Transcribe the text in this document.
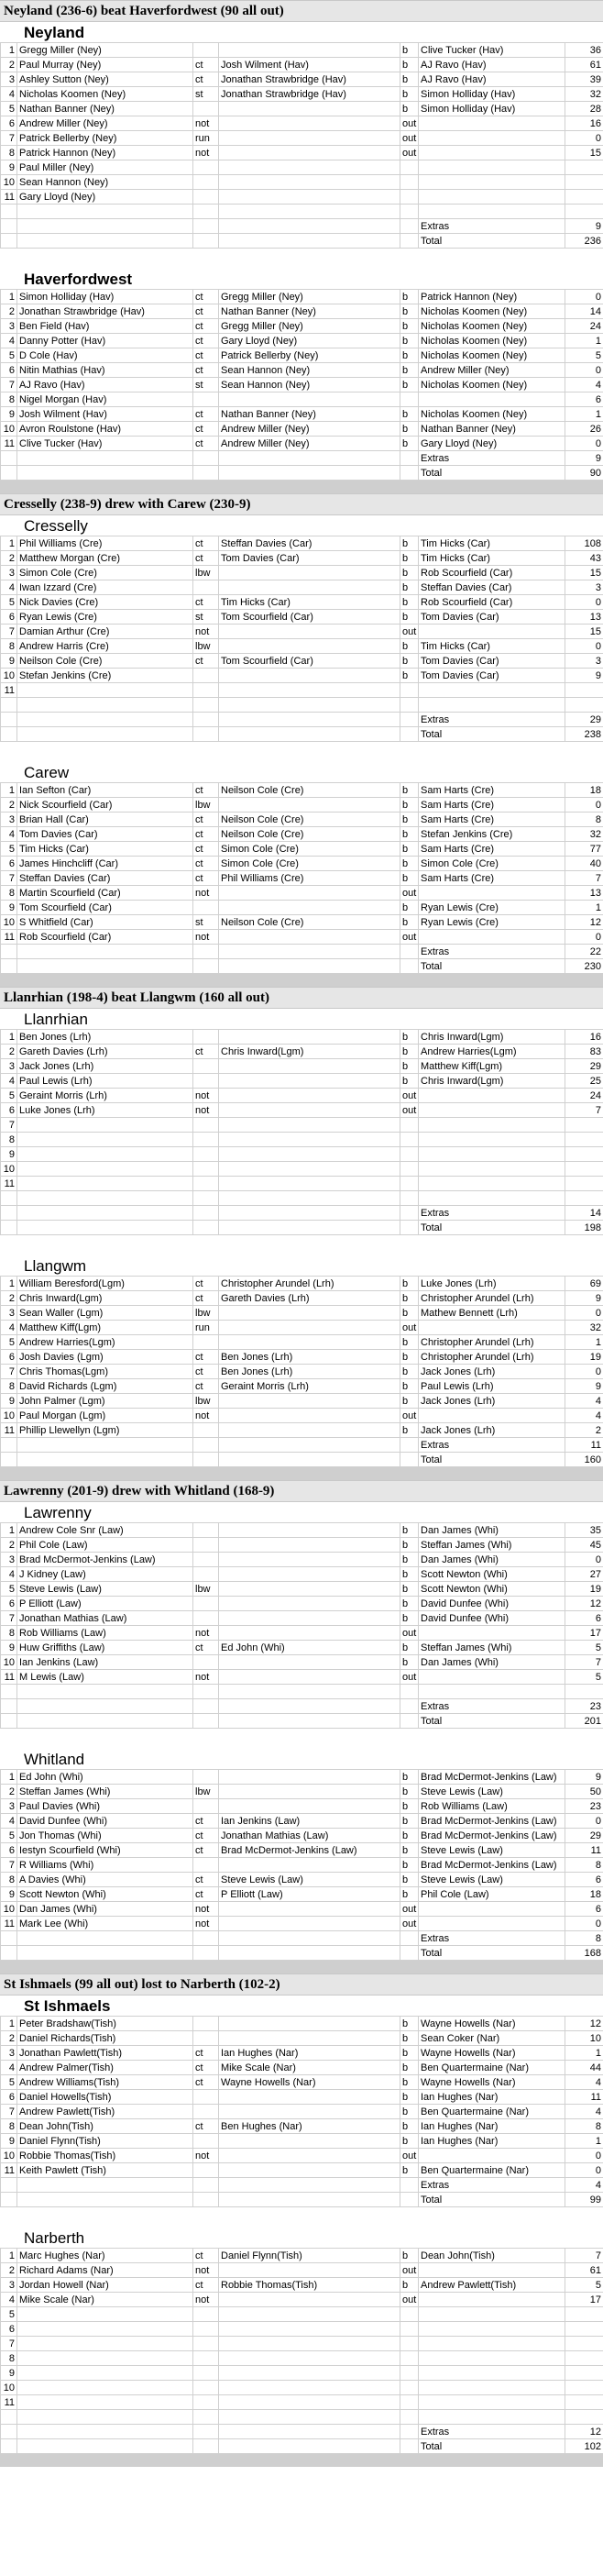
Neyland (236-6) beat Haverfordwest (90 all out)
Neyland
1	Gregg Miller (Ney)			b	Clive Tucker (Hav)	36
2	Paul Murray (Ney)	ct	Josh Wilment (Hav)	b	AJ Ravo (Hav)	61
3	Ashley Sutton (Ney)	ct	Jonathan Strawbridge (Hav)	b	AJ Ravo (Hav)	39
4	Nicholas Koomen (Ney)	st	Jonathan Strawbridge (Hav)	b	Simon Holliday (Hav)	32
5	Nathan Banner (Ney)			b	Simon Holliday (Hav)	28
6	Andrew Miller (Ney)	not		out		16
7	Patrick Bellerby (Ney)	run		out		0
8	Patrick Hannon (Ney)	not		out		15
9	Paul Miller (Ney)					
10	Sean Hannon (Ney)					
11	Gary Lloyd (Ney)					

					Extras	9
					Total	236
Haverfordwest
1	Simon Holliday (Hav)	ct	Gregg Miller (Ney)	b	Patrick Hannon (Ney)	0
2	Jonathan Strawbridge (Hav)	ct	Nathan Banner (Ney)	b	Nicholas Koomen (Ney)	14
3	Ben Field (Hav)	ct	Gregg Miller (Ney)	b	Nicholas Koomen (Ney)	24
4	Danny Potter (Hav)	ct	Gary Lloyd (Ney)	b	Nicholas Koomen (Ney)	1
5	D Cole (Hav)	ct	Patrick Bellerby (Ney)	b	Nicholas Koomen (Ney)	5
6	Nitin Mathias (Hav)	ct	Sean Hannon (Ney)	b	Andrew Miller (Ney)	0
7	AJ Ravo (Hav)	st	Sean Hannon (Ney)	b	Nicholas Koomen (Ney)	4
8	Nigel Morgan (Hav)					6
9	Josh Wilment (Hav)	ct	Nathan Banner (Ney)	b	Nicholas Koomen (Ney)	1
10	Avron Roulstone (Hav)	ct	Andrew Miller (Ney)	b	Nathan Banner (Ney)	26
11	Clive Tucker (Hav)	ct	Andrew Miller (Ney)	b	Gary Lloyd (Ney)	0
					Extras	9
					Total	90
Cresselly (238-9) drew with Carew (230-9)
Cresselly
1	Phil Williams (Cre)	ct	Steffan Davies (Car)	b	Tim Hicks (Car)	108
2	Matthew Morgan (Cre)	ct	Tom Davies (Car)	b	Tim Hicks (Car)	43
3	Simon Cole (Cre)	lbw		b	Rob Scourfield (Car)	15
4	Iwan Izzard (Cre)			b	Steffan Davies (Car)	3
5	Nick Davies (Cre)	ct	Tim Hicks (Car)	b	Rob Scourfield (Car)	0
6	Ryan Lewis (Cre)	st	Tom Scourfield (Car)	b	Tom Davies (Car)	13
7	Damian Arthur (Cre)	not		out		15
8	Andrew Harris (Cre)	lbw		b	Tim Hicks (Car)	0
9	Neilson Cole (Cre)	ct	Tom Scourfield (Car)	b	Tom Davies (Car)	3
10	Stefan Jenkins (Cre)			b	Tom Davies (Car)	9
11						

					Extras	29
					Total	238
Carew
1	Ian Sefton (Car)	ct	Neilson Cole (Cre)	b	Sam Harts (Cre)	18
2	Nick Scourfield (Car)	lbw		b	Sam Harts (Cre)	0
3	Brian Hall (Car)	ct	Neilson Cole (Cre)	b	Sam Harts (Cre)	8
4	Tom Davies (Car)	ct	Neilson Cole (Cre)	b	Stefan Jenkins (Cre)	32
5	Tim Hicks (Car)	ct	Simon Cole (Cre)	b	Sam Harts (Cre)	77
6	James Hinchcliff (Car)	ct	Simon Cole (Cre)	b	Simon Cole (Cre)	40
7	Steffan Davies (Car)	ct	Phil Williams (Cre)	b	Sam Harts (Cre)	7
8	Martin Scourfield (Car)	not		out		13
9	Tom Scourfield (Car)			b	Ryan Lewis (Cre)	1
10	S Whitfield (Car)	st	Neilson Cole (Cre)	b	Ryan Lewis (Cre)	12
11	Rob Scourfield (Car)	not		out		0
					Extras	22
					Total	230
Llanrhian (198-4) beat Llangwm (160 all out)
Llanrhian
1	Ben Jones (Lrh)			b	Chris Inward(Lgm)	16
2	Gareth Davies (Lrh)	ct	Chris Inward(Lgm)	b	Andrew Harries(Lgm)	83
3	Jack Jones (Lrh)			b	Matthew Kiff(Lgm)	29
4	Paul Lewis (Lrh)			b	Chris Inward(Lgm)	25
5	Geraint Morris (Lrh)	not		out		24
6	Luke Jones (Lrh)	not		out		7
7						
8						
9						
10						
11						

					Extras	14
					Total	198
Llangwm
1	William Beresford(Lgm)	ct	Christopher Arundel (Lrh)	b	Luke Jones (Lrh)	69
2	Chris Inward(Lgm)	ct	Gareth Davies (Lrh)	b	Christopher Arundel (Lrh)	9
3	Sean Waller (Lgm)	lbw		b	Mathew Bennett (Lrh)	0
4	Matthew Kiff(Lgm)	run		out		32
5	Andrew Harries(Lgm)			b	Christopher Arundel (Lrh)	1
6	Josh Davies (Lgm)	ct	Ben Jones (Lrh)	b	Christopher Arundel (Lrh)	19
7	Chris Thomas(Lgm)	ct	Ben Jones (Lrh)	b	Jack Jones (Lrh)	0
8	David Richards (Lgm)	ct	Geraint Morris (Lrh)	b	Paul Lewis (Lrh)	9
9	John Palmer (Lgm)	lbw		b	Jack Jones (Lrh)	4
10	Paul Morgan (Lgm)	not		out		4
11	Phillip Llewellyn (Lgm)			b	Jack Jones (Lrh)	2
					Extras	11
					Total	160
Lawrenny (201-9) drew with Whitland (168-9)
Lawrenny
1	Andrew Cole Snr (Law)			b	Dan James (Whi)	35
2	Phil Cole (Law)			b	Steffan James (Whi)	45
3	Brad McDermot-Jenkins (Law)			b	Dan James (Whi)	0
4	J Kidney (Law)			b	Scott Newton (Whi)	27
5	Steve Lewis (Law)	lbw		b	Scott Newton (Whi)	19
6	P Elliott (Law)			b	David Dunfee (Whi)	12
7	Jonathan Mathias (Law)			b	David Dunfee (Whi)	6
8	Rob Williams (Law)	not		out		17
9	Huw Griffiths (Law)	ct	Ed John (Whi)	b	Steffan James (Whi)	5
10	Ian Jenkins (Law)			b	Dan James (Whi)	7
11	M Lewis (Law)	not		out		5

					Extras	23
					Total	201
Whitland
1	Ed John (Whi)			b	Brad McDermot-Jenkins (Law)	9
2	Steffan James (Whi)	lbw		b	Steve Lewis (Law)	50
3	Paul Davies (Whi)			b	Rob Williams (Law)	23
4	David Dunfee (Whi)	ct	Ian Jenkins (Law)	b	Brad McDermot-Jenkins (Law)	0
5	Jon Thomas (Whi)	ct	Jonathan Mathias (Law)	b	Brad McDermot-Jenkins (Law)	29
6	Iestyn Scourfield (Whi)	ct	Brad McDermot-Jenkins (Law)	b	Steve Lewis (Law)	11
7	R Williams (Whi)			b	Brad McDermot-Jenkins (Law)	8
8	A Davies (Whi)	ct	Steve Lewis (Law)	b	Steve Lewis (Law)	6
9	Scott Newton (Whi)	ct	P Elliott (Law)	b	Phil Cole (Law)	18
10	Dan James (Whi)	not		out		6
11	Mark Lee (Whi)	not		out		0
					Extras	8
					Total	168
St Ishmaels (99 all out) lost to Narberth (102-2)
St Ishmaels
1	Peter Bradshaw(Tish)			b	Wayne Howells (Nar)	12
2	Daniel Richards(Tish)			b	Sean Coker (Nar)	10
3	Jonathan Pawlett(Tish)	ct	Ian Hughes (Nar)	b	Wayne Howells (Nar)	1
4	Andrew Palmer(Tish)	ct	Mike Scale (Nar)	b	Ben Quartermaine (Nar)	44
5	Andrew Williams(Tish)	ct	Wayne Howells (Nar)	b	Wayne Howells (Nar)	4
6	Daniel Howells(Tish)			b	Ian Hughes (Nar)	11
7	Andrew Pawlett(Tish)			b	Ben Quartermaine (Nar)	4
8	Dean John(Tish)	ct	Ben Hughes (Nar)	b	Ian Hughes (Nar)	8
9	Daniel Flynn(Tish)			b	Ian Hughes (Nar)	1
10	Robbie Thomas(Tish)	not		out		0
11	Keith Pawlett (Tish)			b	Ben Quartermaine (Nar)	0
					Extras	4
					Total	99
Narberth
1	Marc Hughes (Nar)	ct	Daniel Flynn(Tish)	b	Dean John(Tish)	7
2	Richard Adams (Nar)	not		out		61
3	Jordan Howell (Nar)	ct	Robbie Thomas(Tish)	b	Andrew Pawlett(Tish)	5
4	Mike Scale (Nar)	not		out		17
5						
6						
7						
8						
9						
10						
11						

					Extras	12
					Total	102
